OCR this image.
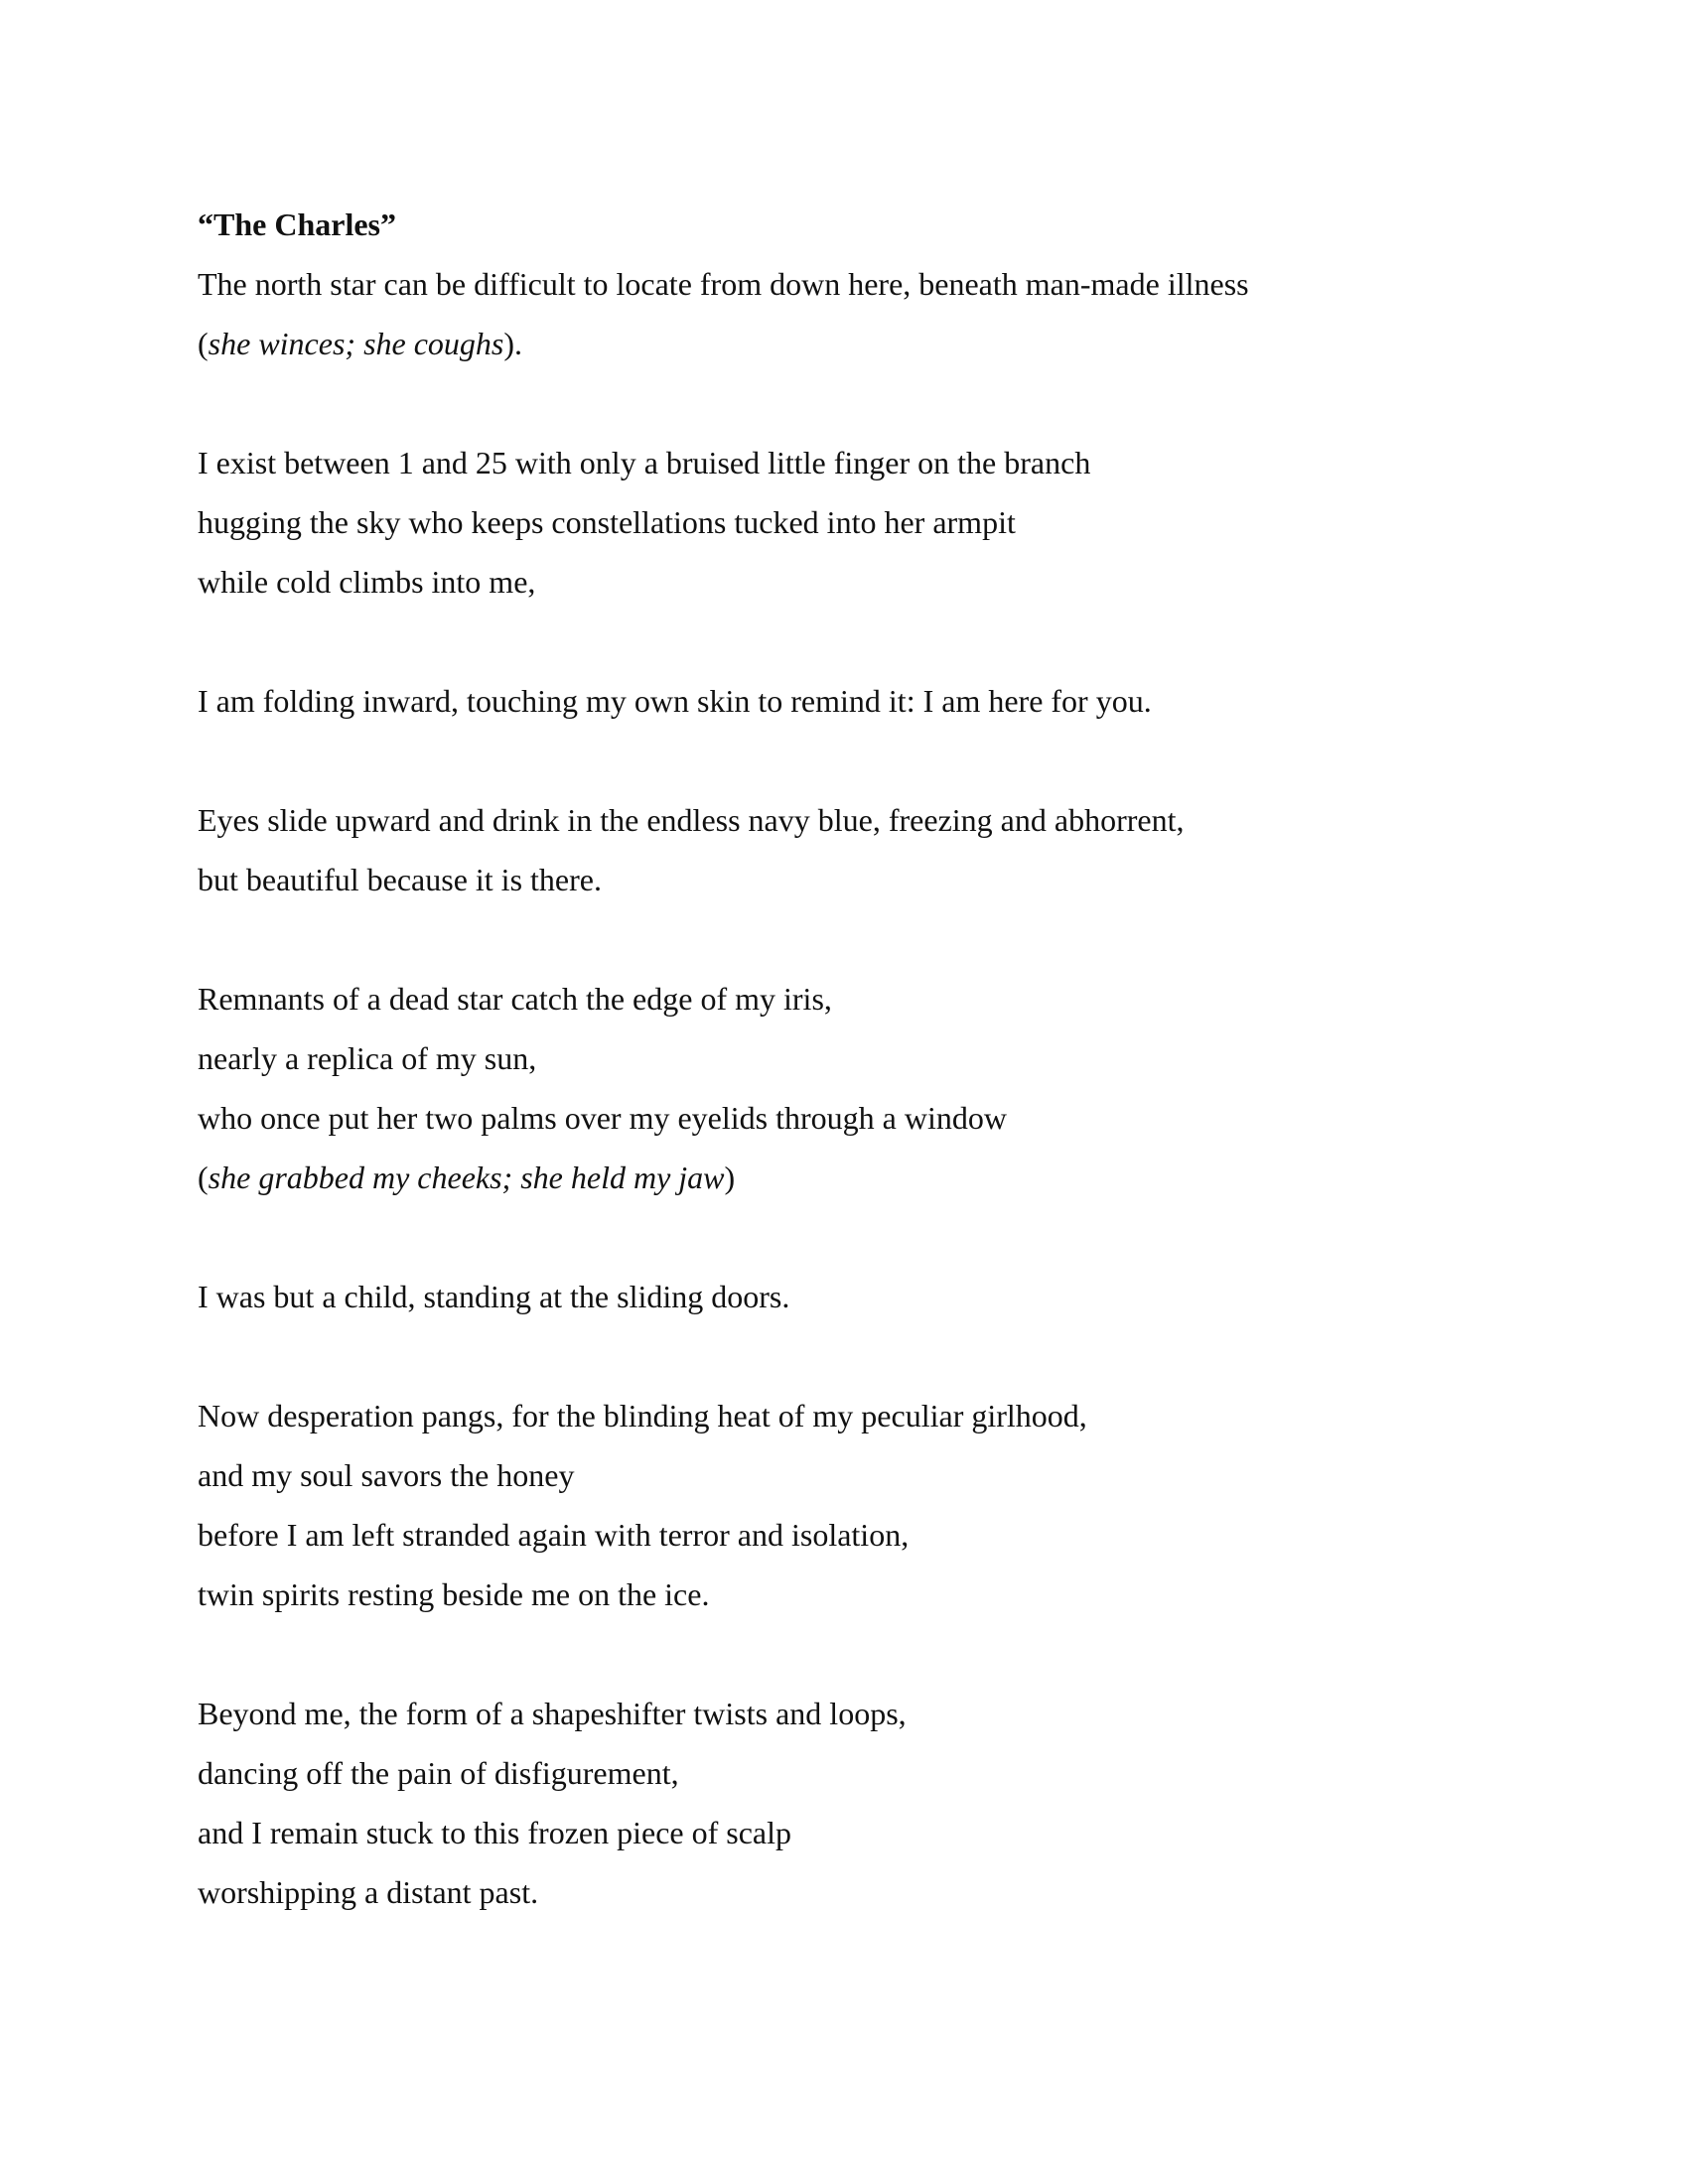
“The Charles”

The north star can be difficult to locate from down here, beneath man-made illness

(she winces; she coughs).

I exist between 1 and 25 with only a bruised little finger on the branch

hugging the sky who keeps constellations tucked into her armpit

while cold climbs into me,

I am folding inward, touching my own skin to remind it: I am here for you.

Eyes slide upward and drink in the endless navy blue, freezing and abhorrent,

but beautiful because it is there.

Remnants of a dead star catch the edge of my iris,

nearly a replica of my sun,

who once put her two palms over my eyelids through a window

(she grabbed my cheeks; she held my jaw)

I was but a child, standing at the sliding doors.

Now desperation pangs, for the blinding heat of my peculiar girlhood,

and my soul savors the honey

before I am left stranded again with terror and isolation,

twin spirits resting beside me on the ice.

Beyond me, the form of a shapeshifter twists and loops,

dancing off the pain of disfigurement,

and I remain stuck to this frozen piece of scalp

worshipping a distant past.
